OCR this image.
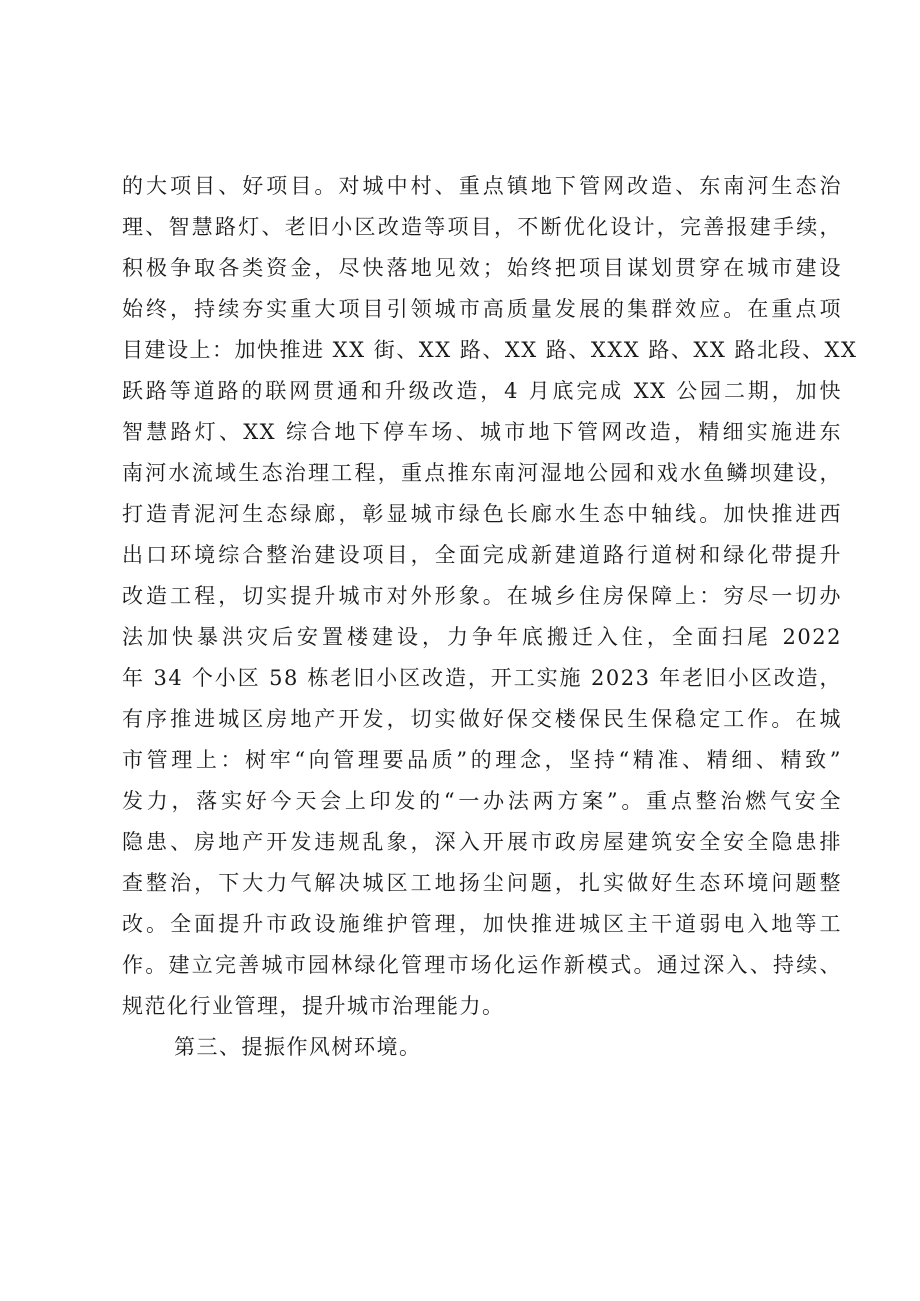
的大项目、好项目。对城中村、重点镇地下管网改造、东南河生态治
理、智慧路灯、老旧小区改造等项目，不断优化设计，完善报建手续，
积极争取各类资金，尽快落地见效；始终把项目谋划贯穿在城市建设
始终，持续夯实重大项目引领城市高质量发展的集群效应。在重点项
目建设上：加快推进 XX 街、XX 路、XX 路、XXX 路、XX 路北段、XX
跃路等道路的联网贯通和升级改造，4 月底完成 XX 公园二期，加快
智慧路灯、XX 综合地下停车场、城市地下管网改造，精细实施进东
南河水流域生态治理工程，重点推东南河湿地公园和戏水鱼鳞坝建设，
打造青泥河生态绿廊，彰显城市绿色长廊水生态中轴线。加快推进西
出口环境综合整治建设项目，全面完成新建道路行道树和绿化带提升
改造工程，切实提升城市对外形象。在城乡住房保障上：穷尽一切办
法加快暴洪灾后安置楼建设，力争年底搬迁入住，全面扫尾 2022
年 34 个小区 58 栋老旧小区改造，开工实施 2023 年老旧小区改造，
有序推进城区房地产开发，切实做好保交楼保民生保稳定工作。在城
市管理上：树牢“向管理要品质”的理念，坚持“精准、精细、精致”
发力，落实好今天会上印发的“一办法两方案”。重点整治燃气安全
隐患、房地产开发违规乱象，深入开展市政房屋建筑安全安全隐患排
查整治，下大力气解决城区工地扬尘问题，扎实做好生态环境问题整
改。全面提升市政设施维护管理，加快推进城区主干道弱电入地等工
作。建立完善城市园林绿化管理市场化运作新模式。通过深入、持续、
规范化行业管理，提升城市治理能力。
第三、提振作风树环境。
